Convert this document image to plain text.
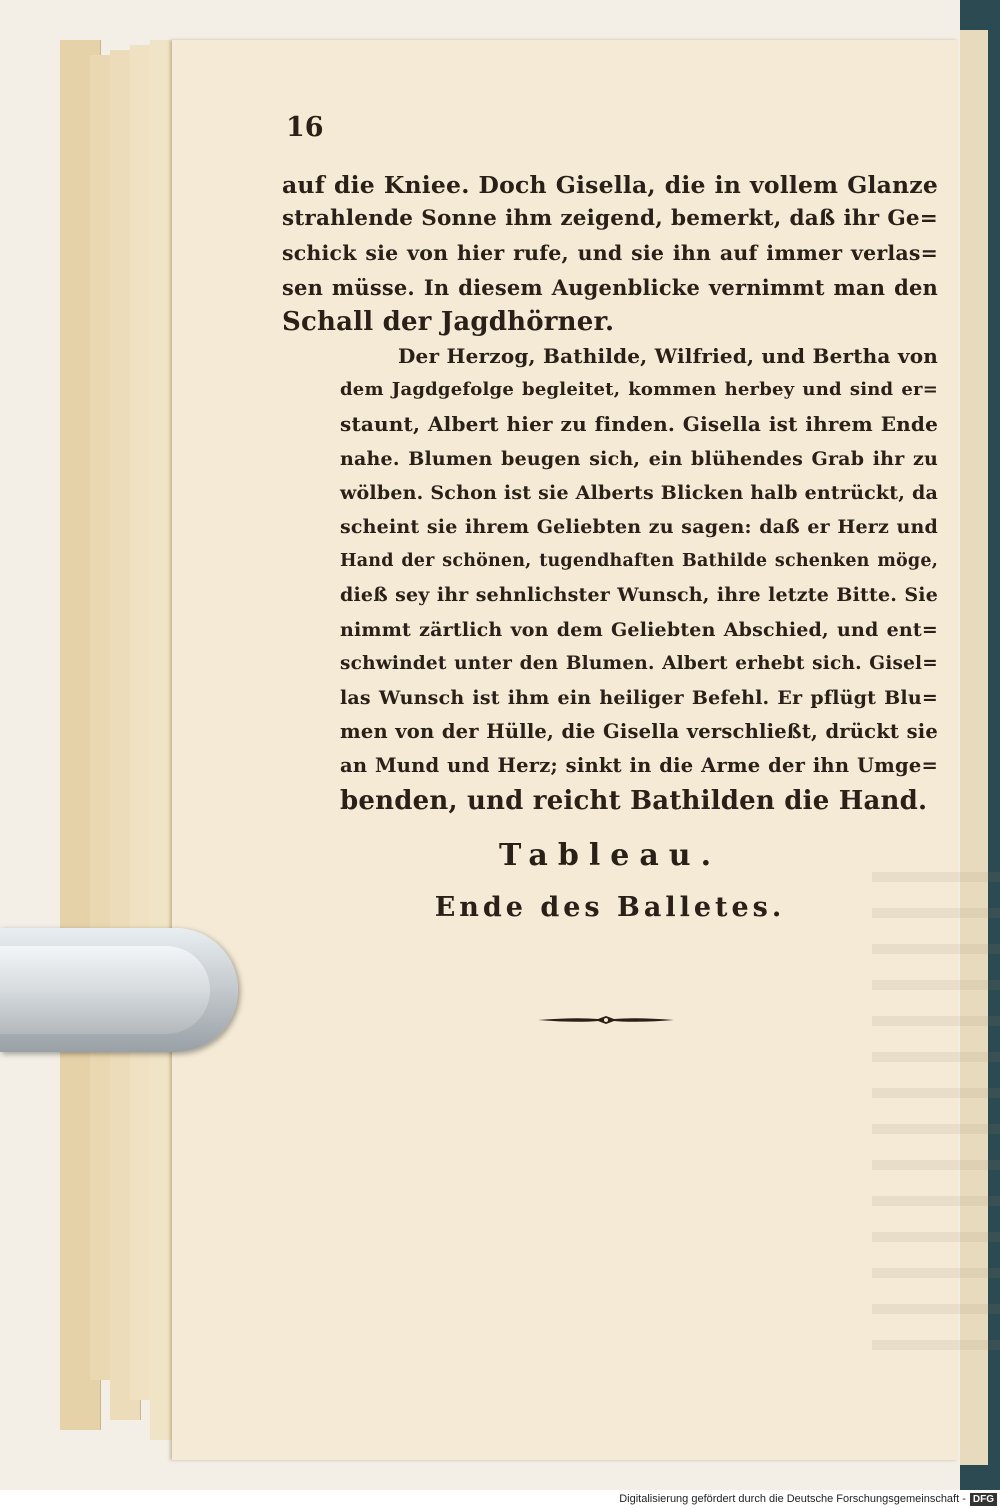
16

auf die Kniee. Doch Gisella, die in vollem Glanze
strahlende Sonne ihm zeigend, bemerkt, daß ihr Ge=
schick sie von hier rufe, und sie ihn auf immer verlas=
sen müsse. In diesem Augenblicke vernimmt man den
Schall der Jagdhörner.

Der Herzog, Bathilde, Wilfried, und Bertha von
dem Jagdgefolge begleitet, kommen herbey und sind er=
staunt, Albert hier zu finden. Gisella ist ihrem Ende
nahe. Blumen beugen sich, ein blühendes Grab ihr zu
wölben. Schon ist sie Alberts Blicken halb entrückt, da
scheint sie ihrem Geliebten zu sagen: daß er Herz und
Hand der schönen, tugendhaften Bathilde schenken möge,
dieß sey ihr sehnlichster Wunsch, ihre letzte Bitte. Sie
nimmt zärtlich von dem Geliebten Abschied, und ent=
schwindet unter den Blumen. Albert erhebt sich. Gisel=
las Wunsch ist ihm ein heiliger Befehl. Er pflügt Blu=
men von der Hülle, die Gisella verschließt, drückt sie
an Mund und Herz; sinkt in die Arme der ihn Umge=
benden, und reicht Bathilden die Hand.

Tableau.
Ende des Balletes.
Digitalisierung gefördert durch die Deutsche Forschungsgemeinschaft - DFG
